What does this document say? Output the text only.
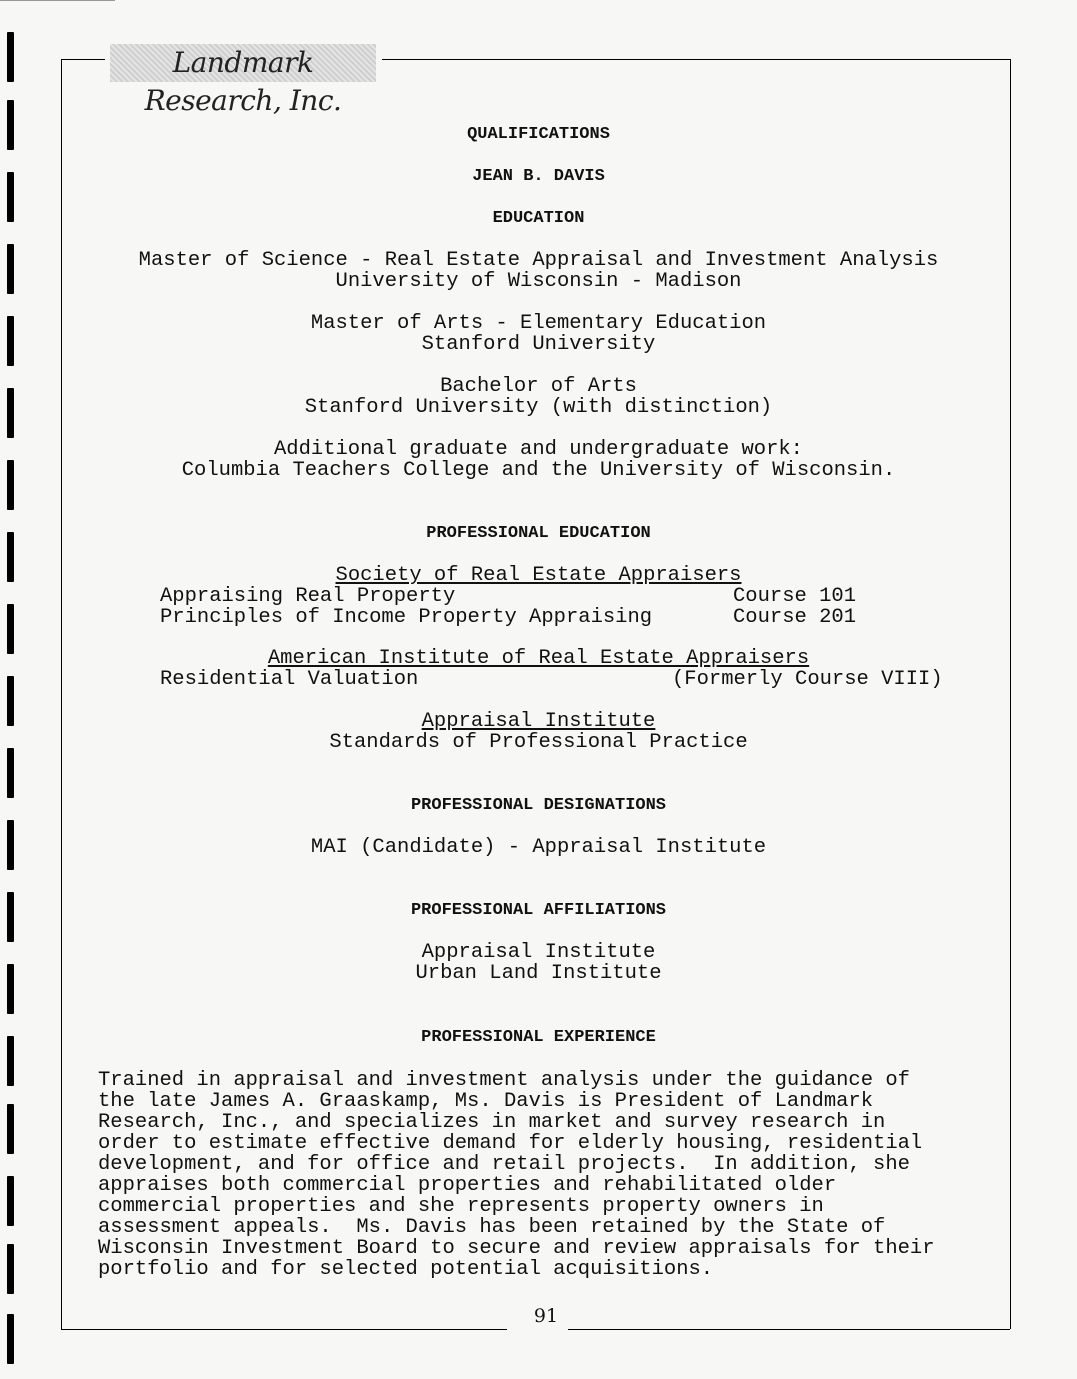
Landmark Research, Inc.
QUALIFICATIONS
JEAN B. DAVIS
EDUCATION
Master of Science - Real Estate Appraisal and Investment Analysis
University of Wisconsin - Madison
Master of Arts - Elementary Education
Stanford University
Bachelor of Arts
Stanford University (with distinction)
Additional graduate and undergraduate work:
Columbia Teachers College and the University of Wisconsin.
PROFESSIONAL EDUCATION
Society of Real Estate Appraisers
Appraising Real Property	Course 101
Principles of Income Property Appraising	Course 201
American Institute of Real Estate Appraisers
Residential Valuation	(Formerly Course VIII)
Appraisal Institute
Standards of Professional Practice
PROFESSIONAL DESIGNATIONS
MAI (Candidate) - Appraisal Institute
PROFESSIONAL AFFILIATIONS
Appraisal Institute
Urban Land Institute
PROFESSIONAL EXPERIENCE
Trained in appraisal and investment analysis under the guidance of
the late James A. Graaskamp, Ms. Davis is President of Landmark
Research, Inc., and specializes in market and survey research in
order to estimate effective demand for elderly housing, residential
development, and for office and retail projects.  In addition, she
appraises both commercial properties and rehabilitated older
commercial properties and she represents property owners in
assessment appeals.  Ms. Davis has been retained by the State of
Wisconsin Investment Board to secure and review appraisals for their
portfolio and for selected potential acquisitions.
91
